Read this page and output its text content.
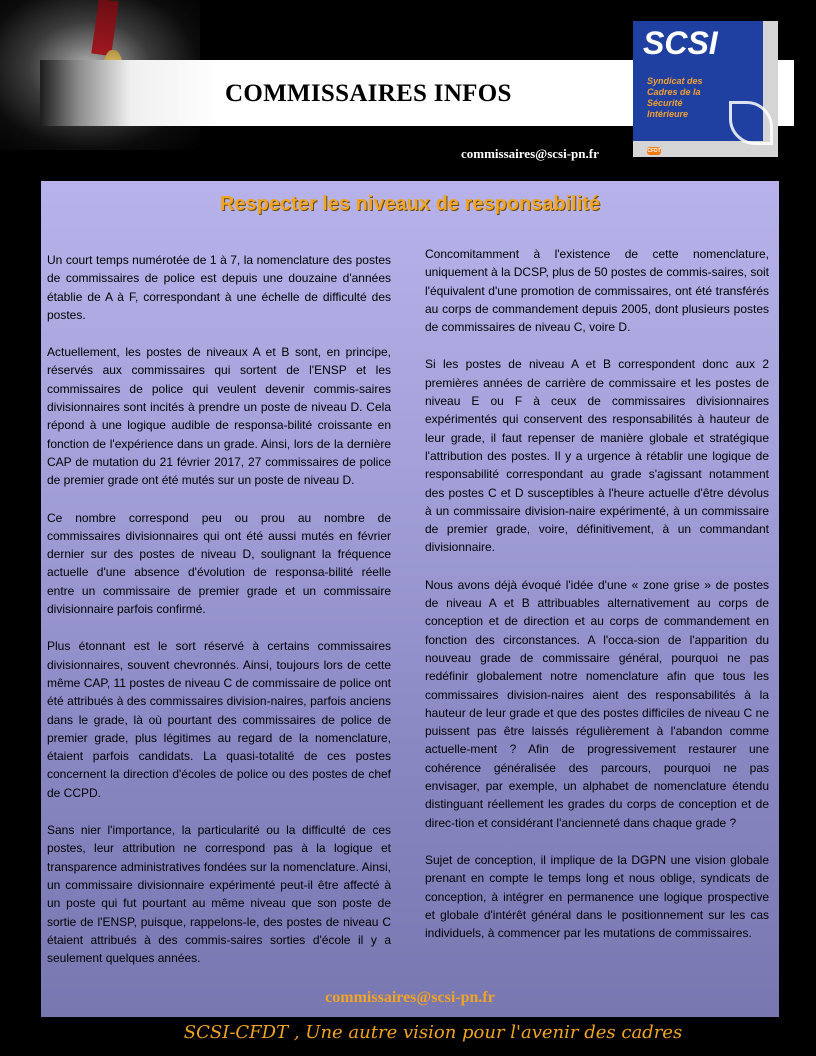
COMMISSAIRES INFOS
SCSI
Syndicat des
Cadres de la
Sécurité
Intérieure
CFDT
commissaires@scsi-pn.fr
Respecter les niveaux de responsabilité

Un court temps numérotée de 1 à 7, la nomenclature des postes de commissaires de police est depuis une douzaine d'années établie de A à F, correspondant à une échelle de difficulté des postes.

Actuellement, les postes de niveaux A et B sont, en principe, réservés aux commissaires qui sortent de l'ENSP et les commissaires de police qui veulent devenir commis-saires divisionnaires sont incités à prendre un poste de niveau D. Cela répond à une logique audible de responsa-bilité croissante en fonction de l'expérience dans un grade. Ainsi, lors de la dernière CAP de mutation du 21 février 2017, 27 commissaires de police de premier grade ont été mutés sur un poste de niveau D.

Ce nombre correspond peu ou prou au nombre de commissaires divisionnaires qui ont été aussi mutés en février dernier sur des postes de niveau D, soulignant la fréquence actuelle d'une absence d'évolution de responsa-bilité réelle entre un commissaire de premier grade et un commissaire divisionnaire parfois confirmé.

Plus étonnant est le sort réservé à certains commissaires divisionnaires, souvent chevronnés. Ainsi, toujours lors de cette même CAP, 11 postes de niveau C de commissaire de police ont été attribués à des commissaires division-naires, parfois anciens dans le grade, là où pourtant des commissaires de police de premier grade, plus légitimes au regard de la nomenclature, étaient parfois candidats. La quasi-totalité de ces postes concernent la direction d'écoles de police ou des postes de chef de CCPD.

Sans nier l'importance, la particularité ou la difficulté de ces postes, leur attribution ne correspond pas à la logique et transparence administratives fondées sur la nomenclature. Ainsi, un commissaire divisionnaire expérimenté peut-il être affecté à un poste qui fut pourtant au même niveau que son poste de sortie de l'ENSP, puisque, rappelons-le, des postes de niveau C étaient attribués à des commis-saires sorties d'école il y a seulement quelques années.

Concomitamment à l'existence de cette nomenclature, uniquement à la DCSP, plus de 50 postes de commis-saires, soit l'équivalent d'une promotion de commissaires, ont été transférés au corps de commandement depuis 2005, dont plusieurs postes de commissaires de niveau C, voire D.

Si les postes de niveau A et B correspondent donc aux 2 premières années de carrière de commissaire et les postes de niveau E ou F à ceux de commissaires divisionnaires expérimentés qui conservent des responsabilités à hauteur de leur grade, il faut repenser de manière globale et stratégique l'attribution des postes. Il y a urgence à rétablir une logique de responsabilité correspondant au grade s'agissant notamment des postes C et D susceptibles à l'heure actuelle d'être dévolus à un commissaire division-naire expérimenté, à un commissaire de premier grade, voire, définitivement, à un commandant divisionnaire.

Nous avons déjà évoqué l'idée d'une « zone grise » de postes de niveau A et B attribuables alternativement au corps de conception et de direction et au corps de commandement en fonction des circonstances. A l'occa-sion de l'apparition du nouveau grade de commissaire général, pourquoi ne pas redéfinir globalement notre nomenclature afin que tous les commissaires division-naires aient des responsabilités à la hauteur de leur grade et que des postes difficiles de niveau C ne puissent pas être laissés régulièrement à l'abandon comme actuelle-ment ? Afin de progressivement restaurer une cohérence généralisée des parcours, pourquoi ne pas envisager, par exemple, un alphabet de nomenclature étendu distinguant réellement les grades du corps de conception et de direc-tion et considérant l'ancienneté dans chaque grade ?

Sujet de conception, il implique de la DGPN une vision globale prenant en compte le temps long et nous oblige, syndicats de conception, à intégrer en permanence une logique prospective et globale d'intérêt général dans le positionnement sur les cas individuels, à commencer par les mutations de commissaires.

commissaires@scsi-pn.fr
SCSI-CFDT , Une autre vision pour l'avenir des cadres
